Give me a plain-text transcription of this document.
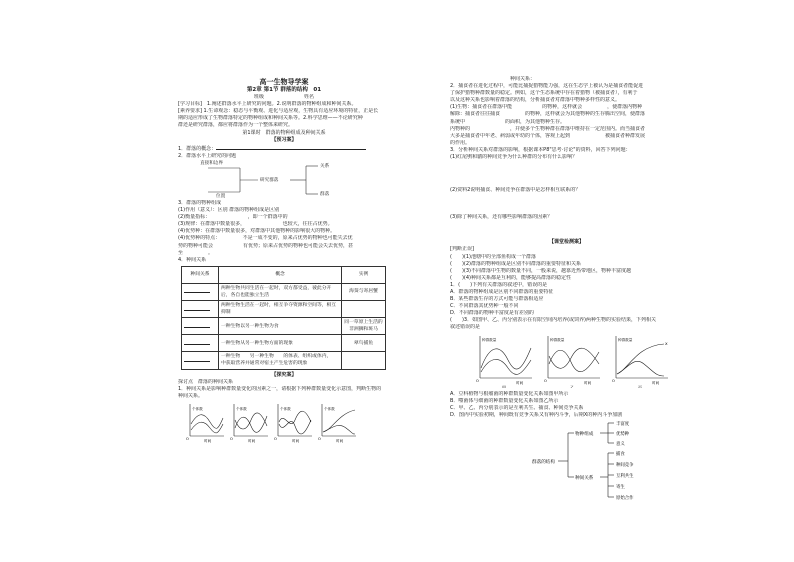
高一生物导学案
第2章 第1节 群落的结构　01
班级　　　　　　　　姓名
[学习目标]　1.阐述群落水平上研究的问题。2.说明群落的物种组成和种间关系。
[素养要求] 1.生命观念：稳态与平衡观、进化与适应观，生物具有适应环境的特征，正是长
期的适应形成了生物群落特定的物种组成和种间关系等。2.科学思维——不论研究种
群还是研究群落，都应将群落作为一个整体来研究。
第1课时　群落的物种组成及种间关系
【预习案】
1．群落的概念：
2．群落水平上研究的问题
直接和边界
位置
研究群落
关系
群落
3．群落的物种组成
(1)作用（意义）：区别 群落的物种组成是区别
(2)衡量指标：　　　　　　　　，即一个群落中的
(3)规律：在群落中数量很多，　　　　　　　　也较大，往往占优势。
(4)优势种：在群落中数量很多，对群落中其他物种的影响很大的物种。
(4)优势种的特点：　　　　　不是一成不变的，原来占优势的物种也可能失去优
势的物种可能会　　　　　　有优势；原来占优势的物种也可能会失去优势，甚
至　　　　　。
4．种间关系
种间关系	概念	实例
	两种生物共同生活在一起时，双方都受益，彼此分开后，各自也能独立生活	海葵与寄居蟹
	两种生物生活在一起时，相互争夺资源和空间等，相互抑制	
	一种生物以另一种生物为食	同一草原上生活的非洲狮和斑马
	一种生物从另一种生物方面的现象	翠鸟捕鱼
	一种生物　　另一种生物　　的体表、组织或体内，　　中获取营养并通常对宿主产生危害的现象	
【探究案】
探讨点　群落的种间关系
1．种间关系是影响种群数量变化的因素之一，请根据下列种群数量变化示意图，判断生物的
种间关系。
个体数
时间
O
个体数
时间
O
个体数
时间
O
个体数
时间
O
种间关系：
2．捕食者在进化过程中，可能比捕捉猎物能力强，这在生态学上被认为是捕食者能促进
了保护猎物种群数量的稳定。例如，这个生态系统中存在着猎物（被捕食者），有利于
以及这种关系也影响着群落的结构，分析捕食者对群落中物种多样性的意义。
(1)生物：捕食者在群落中能　　　　　　的物种，这样就会　　　　　，使群落内物种
解除：捕食者往往捕食　　　　　的物种，这样就会为其他物种的生存腾出空间，使群落
系统中　　　　　　　　的面积，为其他物种生存。　　　　　　　　　　　　　
内物种的　　　　　　　　，并使多个生物种群在群落中维持在一定范围内。而当捕食者
大多是捕食者中年老、病弱或年幼的个体，客观上起到　　　　　　　被捕食者种群发展
的作用。
3．分析种间关系对群落的影响，根据课本P8"思考·讨论"的资料，回答下列问题：
(1)红尾鸲和鹟的种间竞争为什么种群的分布有什么影响？
(2)资料2说明捕食、种间竞争在群落中是怎样相互联系的？
(3)除了种间关系，还有哪些影响群落的因素？
【课堂检测案】
[判断正误]
(　　)(1)池塘中的全部鱼构成一个群落
(　　)(2)群落的物种组成是区别不同群落的重要特征和关系
(　　)(3)不同群落中生物的数量不同，一般来说，越靠近热带地区，物种丰富度越
(　　)(4)种间关系都是互利的，能够提高群落的稳定性
1．(　　)下列有关群落的叙述中，错误的是
A．群落的物种组成是区别不同群落的重要特征
B．某些群落生存的方式可能与群落相适应
C．不同群落其优势种一般不同
D．不同群落的物种丰富度是有差别的
(　　)3．如图甲、乙、丙分别表示在有限空间内培养(或饲养)两种生物的实验结果，下列相关
叙述错误的是
种群数量
时间
O
甲
种群数量
时间
O
乙
X
种群数量
时间
O
丙
A．豆科植物与根瘤菌的种群数量变化关系如图甲所示
B．噬菌体与细菌的种群数量变化关系如图乙所示
C．甲、乙、丙分别表示的是互利共生、捕食、种间竞争关系
D．图丙中实验初期，种间既有竞争关系又有种内斗争，后期X的种内斗争加剧
群落的结构
物种组成
种间关系
丰富度
优势种
意义
捕食
种间竞争
互利共生
寄生
原始合作
